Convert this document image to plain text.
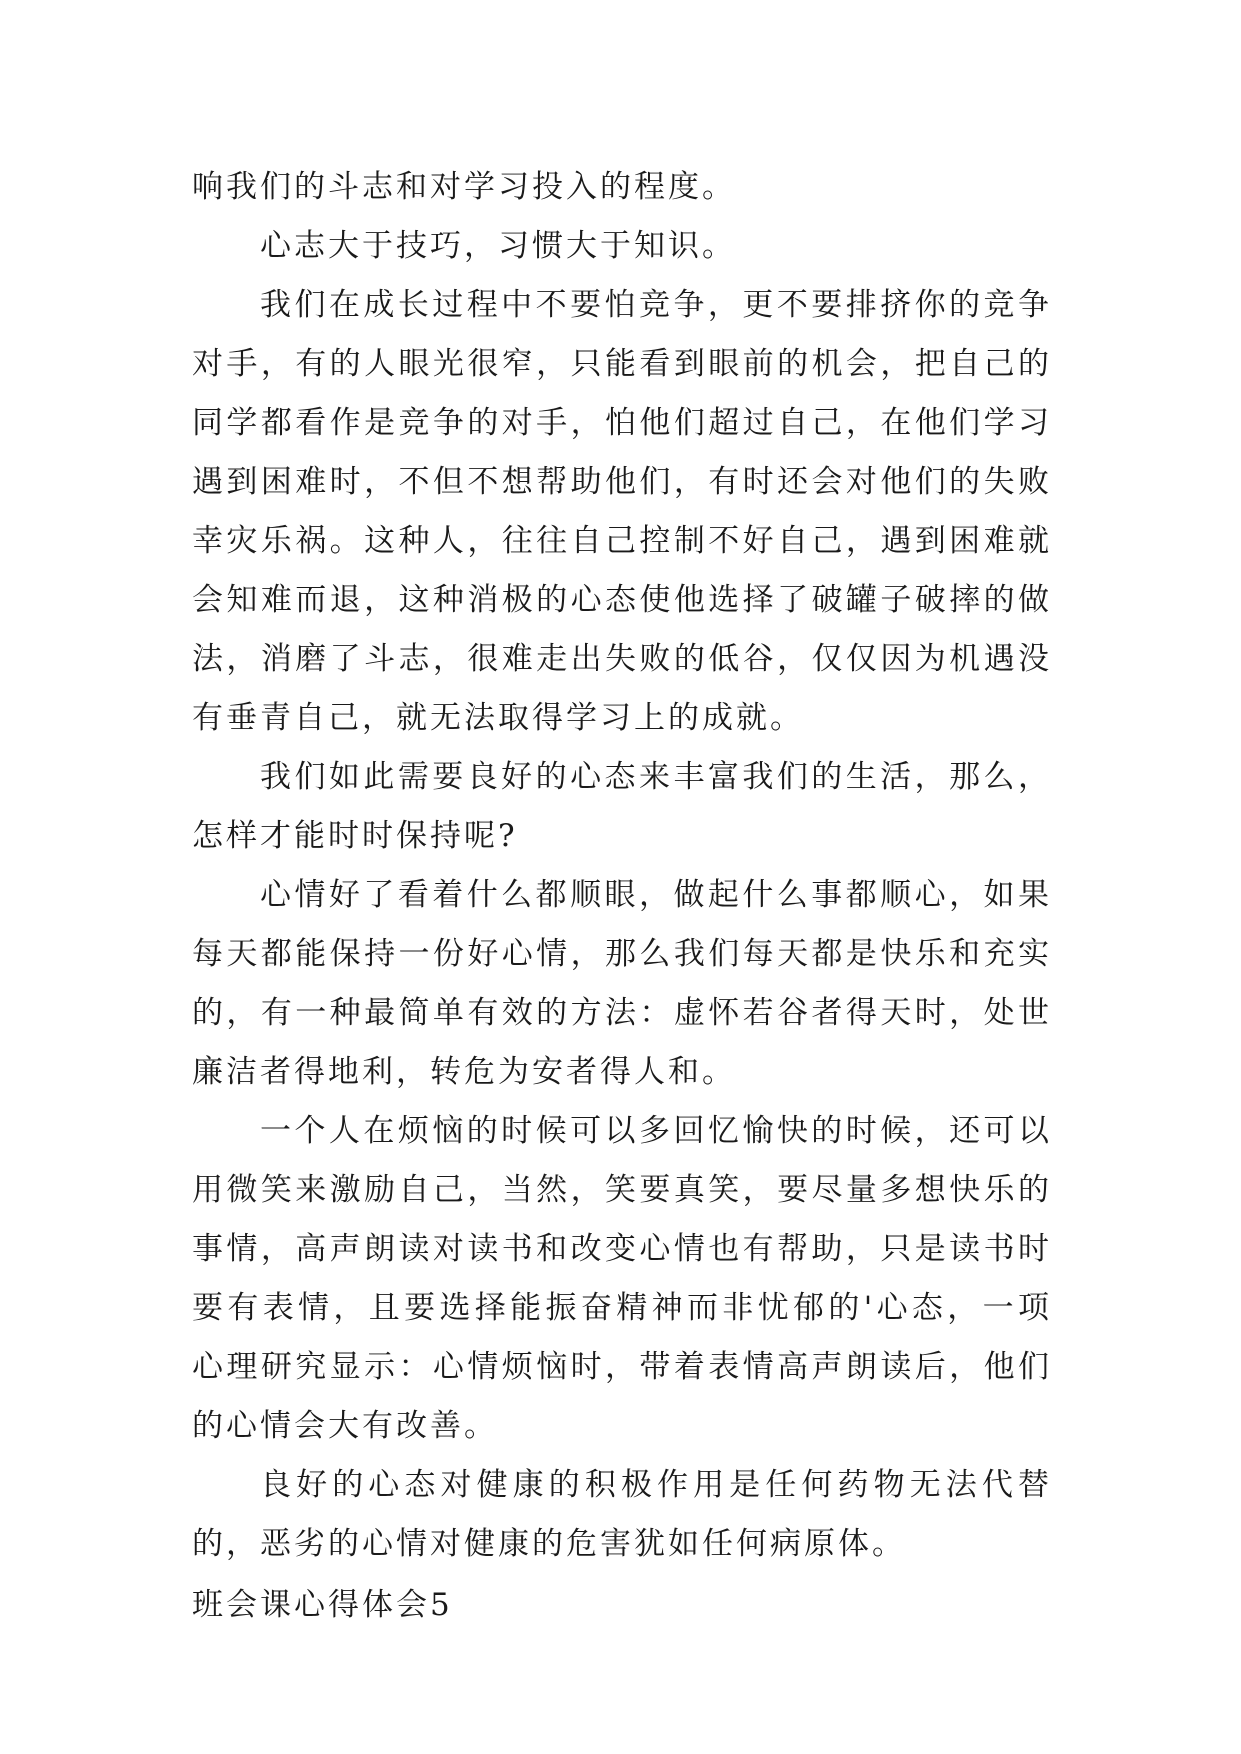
响我们的斗志和对学习投入的程度。

心志大于技巧，习惯大于知识。

我们在成长过程中不要怕竞争，更不要排挤你的竞争对手，有的人眼光很窄，只能看到眼前的机会，把自己的同学都看作是竞争的对手，怕他们超过自己，在他们学习遇到困难时，不但不想帮助他们，有时还会对他们的失败幸灾乐祸。这种人，往往自己控制不好自己，遇到困难就会知难而退，这种消极的心态使他选择了破罐子破摔的做法，消磨了斗志，很难走出失败的低谷，仅仅因为机遇没有垂青自己，就无法取得学习上的成就。

我们如此需要良好的心态来丰富我们的生活，那么，怎样才能时时保持呢?

心情好了看着什么都顺眼，做起什么事都顺心，如果每天都能保持一份好心情，那么我们每天都是快乐和充实的，有一种最简单有效的方法：虚怀若谷者得天时，处世廉洁者得地利，转危为安者得人和。

一个人在烦恼的时候可以多回忆愉快的时候，还可以用微笑来激励自己，当然，笑要真笑，要尽量多想快乐的事情，高声朗读对读书和改变心情也有帮助，只是读书时要有表情，且要选择能振奋精神而非忧郁的'心态，一项心理研究显示：心情烦恼时，带着表情高声朗读后，他们的心情会大有改善。

良好的心态对健康的积极作用是任何药物无法代替的，恶劣的心情对健康的危害犹如任何病原体。

班会课心得体会5
